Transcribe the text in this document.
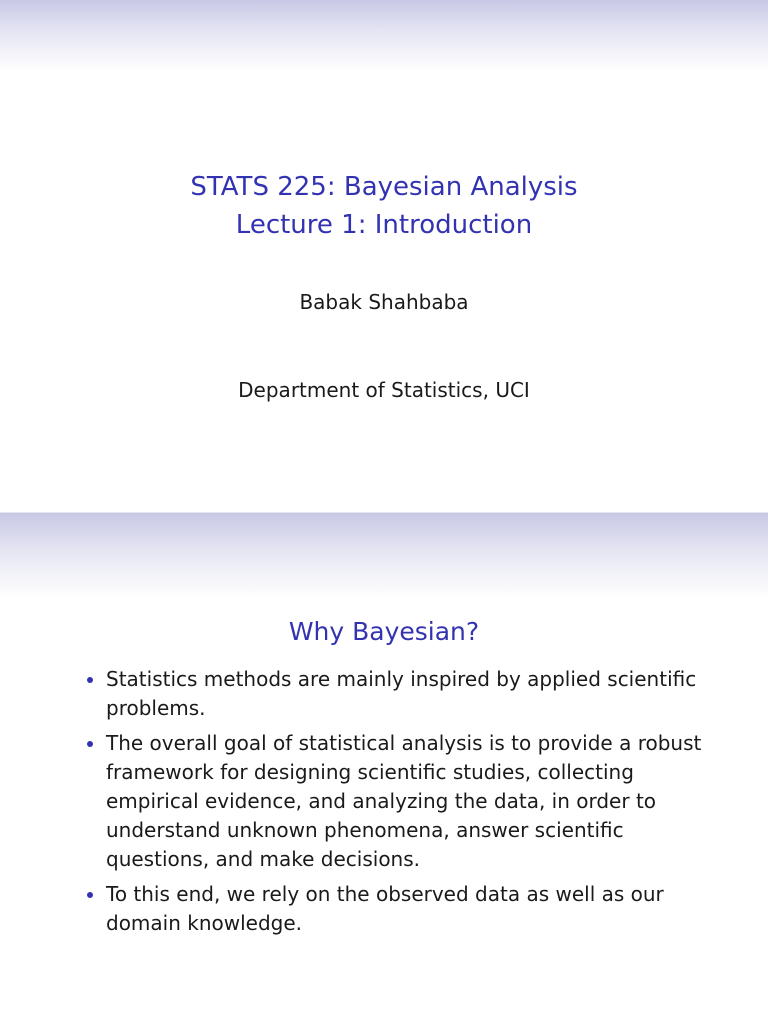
STATS 225: Bayesian Analysis
Lecture 1: Introduction
Babak Shahbaba
Department of Statistics, UCI
Why Bayesian?
Statistics methods are mainly inspired by applied scientific problems.
The overall goal of statistical analysis is to provide a robust framework for designing scientific studies, collecting empirical evidence, and analyzing the data, in order to understand unknown phenomena, answer scientific questions, and make decisions.
To this end, we rely on the observed data as well as our domain knowledge.
